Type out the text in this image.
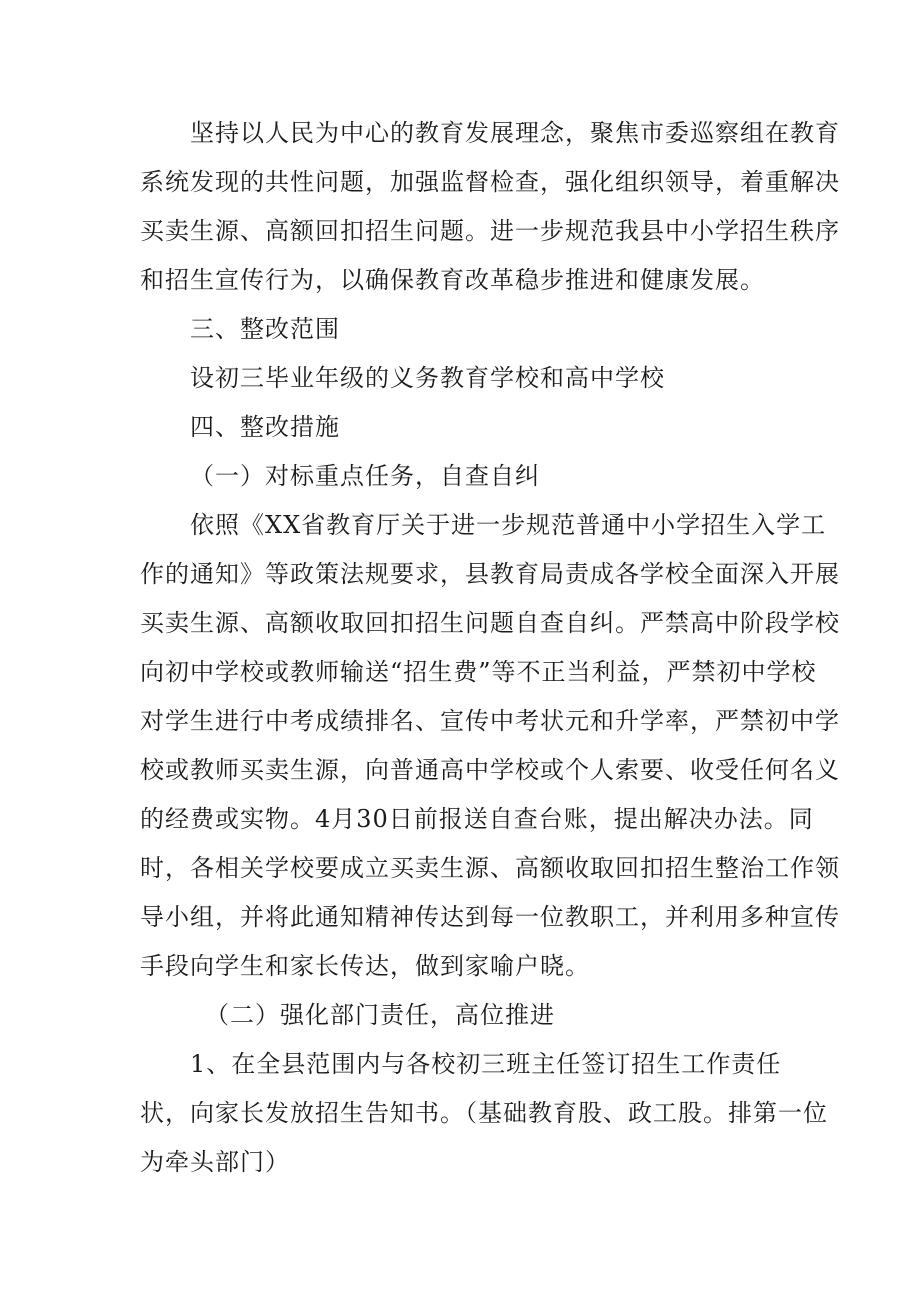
坚持以人民为中心的教育发展理念，聚焦市委巡察组在教育
系统发现的共性问题，加强监督检查，强化组织领导，着重解决
买卖生源、高额回扣招生问题。进一步规范我县中小学招生秩序
和招生宣传行为，以确保教育改革稳步推进和健康发展。
三、整改范围
设初三毕业年级的义务教育学校和高中学校
四、整改措施
（一）对标重点任务，自查自纠
依照《XX省教育厅关于进一步规范普通中小学招生入学工
作的通知》等政策法规要求，县教育局责成各学校全面深入开展
买卖生源、高额收取回扣招生问题自查自纠。严禁高中阶段学校
向初中学校或教师输送“招生费”等不正当利益，严禁初中学校
对学生进行中考成绩排名、宣传中考状元和升学率，严禁初中学
校或教师买卖生源，向普通高中学校或个人索要、收受任何名义
的经费或实物。4月30日前报送自查台账，提出解决办法。同
时，各相关学校要成立买卖生源、高额收取回扣招生整治工作领
导小组，并将此通知精神传达到每一位教职工，并利用多种宣传
手段向学生和家长传达，做到家喻户晓。
（二）强化部门责任，高位推进
1、在全县范围内与各校初三班主任签订招生工作责任
状，向家长发放招生告知书。（基础教育股、政工股。排第一位
为牵头部门）
